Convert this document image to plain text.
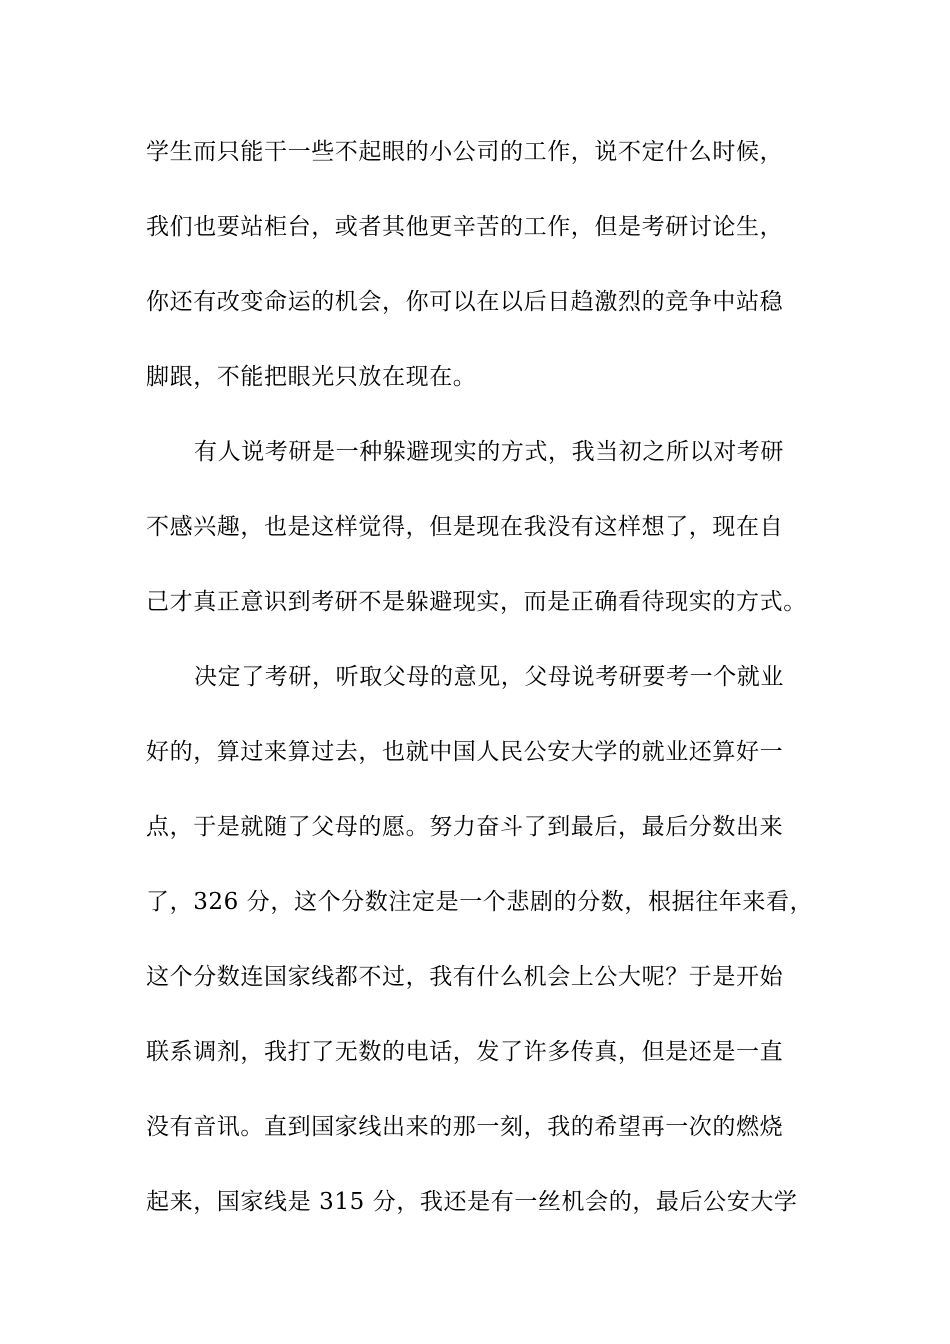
学生而只能干一些不起眼的小公司的工作，说不定什么时候，
我们也要站柜台，或者其他更辛苦的工作，但是考研讨论生，
你还有改变命运的机会，你可以在以后日趋激烈的竞争中站稳
脚跟，不能把眼光只放在现在。
有人说考研是一种躲避现实的方式，我当初之所以对考研
不感兴趣，也是这样觉得，但是现在我没有这样想了，现在自
己才真正意识到考研不是躲避现实，而是正确看待现实的方式。
决定了考研，听取父母的意见，父母说考研要考一个就业
好的，算过来算过去，也就中国人民公安大学的就业还算好一
点，于是就随了父母的愿。努力奋斗了到最后，最后分数出来
了，326 分，这个分数注定是一个悲剧的分数，根据往年来看，
这个分数连国家线都不过，我有什么机会上公大呢？于是开始
联系调剂，我打了无数的电话，发了许多传真，但是还是一直
没有音讯。直到国家线出来的那一刻，我的希望再一次的燃烧
起来，国家线是 315 分，我还是有一丝机会的，最后公安大学
